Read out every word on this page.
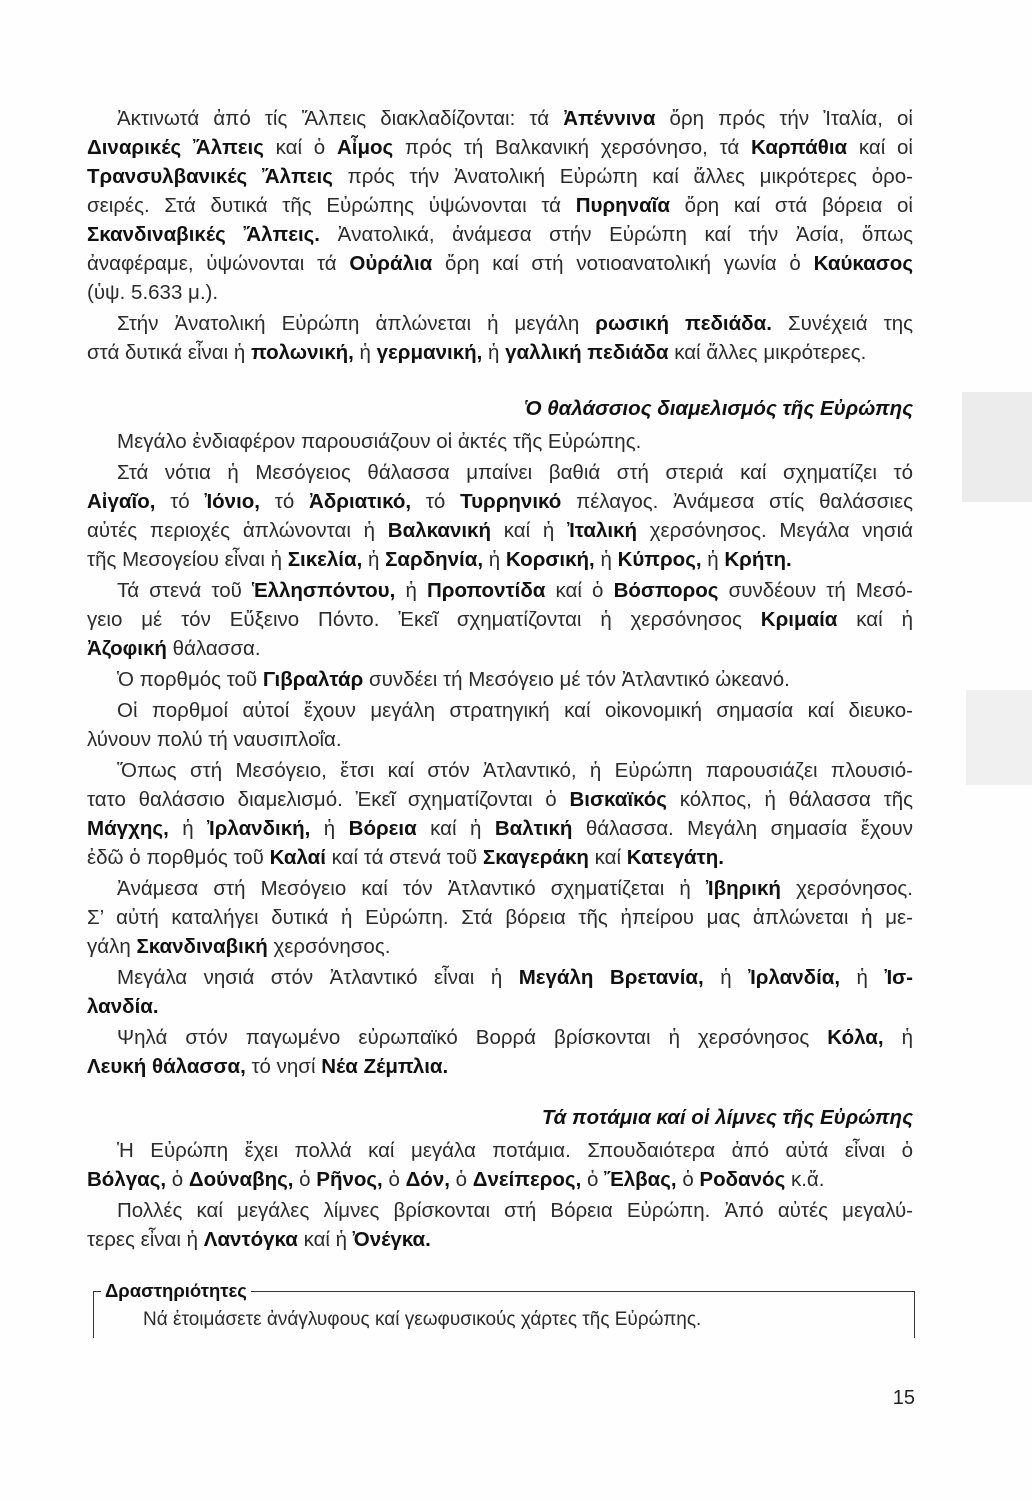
Ἀκτινωτά ἀπό τίς Ἄλπεις διακλαδίζονται: τά Ἀπέννινα ὄρη πρός τήν Ἰταλία, οἱ
Διναρικές Ἄλπεις καί ὁ Αἶμος πρός τή Βαλκανική χερσόνησο, τά Καρπάθια καί οἱ
Τρανσυλβανικές Ἄλπεις πρός τήν Ἀνατολική Εὐρώπη καί ἄλλες μικρότερες ὀρο-
σειρές. Στά δυτικά τῆς Εὐρώπης ὑψώνονται τά Πυρηναῖα ὄρη καί στά βόρεια οἱ
Σκανδιναβικές Ἄλπεις. Ἀνατολικά, ἀνάμεσα στήν Εὐρώπη καί τήν Ἀσία, ὅπως
ἀναφέραμε, ὑψώνονται τά Οὐράλια ὄρη καί στή νοτιοανατολική γωνία ὁ Καύκασος
(ὑψ. 5.633 μ.).
Στήν Ἀνατολική Εὐρώπη ἁπλώνεται ἡ μεγάλη ρωσική πεδιάδα. Συνέχειά της
στά δυτικά εἶναι ἡ πολωνική, ἡ γερμανική, ἡ γαλλική πεδιάδα καί ἄλλες μικρότερες.
Ὁ θαλάσσιος διαμελισμός τῆς Εὐρώπης
Μεγάλο ἐνδιαφέρον παρουσιάζουν οἱ ἀκτές τῆς Εὐρώπης.
Στά νότια ἡ Μεσόγειος θάλασσα μπαίνει βαθιά στή στεριά καί σχηματίζει τό
Αἰγαῖο, τό Ἰόνιο, τό Ἀδριατικό, τό Τυρρηνικό πέλαγος. Ἀνάμεσα στίς θαλάσσιες
αὐτές περιοχές ἁπλώνονται ἡ Βαλκανική καί ἡ Ἰταλική χερσόνησος. Μεγάλα νησιά
τῆς Μεσογείου εἶναι ἡ Σικελία, ἡ Σαρδηνία, ἡ Κορσική, ἡ Κύπρος, ἡ Κρήτη.
Τά στενά τοῦ Ἑλλησπόντου, ἡ Προποντίδα καί ὁ Βόσπορος συνδέουν τή Μεσό-
γειο μέ τόν Εὔξεινο Πόντο. Ἐκεῖ σχηματίζονται ἡ χερσόνησος Κριμαία καί ἡ
Ἀζοφική θάλασσα.
Ὁ πορθμός τοῦ Γιβραλτάρ συνδέει τή Μεσόγειο μέ τόν Ἀτλαντικό ὠκεανό.
Οἱ πορθμοί αὐτοί ἔχουν μεγάλη στρατηγική καί οἰκονομική σημασία καί διευκο-
λύνουν πολύ τή ναυσιπλοΐα.
Ὅπως στή Μεσόγειο, ἔτσι καί στόν Ἀτλαντικό, ἡ Εὐρώπη παρουσιάζει πλουσιό-
τατο θαλάσσιο διαμελισμό. Ἐκεῖ σχηματίζονται ὁ Βισκαϊκός κόλπος, ἡ θάλασσα τῆς
Μάγχης, ἡ Ἰρλανδική, ἡ Βόρεια καί ἡ Βαλτική θάλασσα. Μεγάλη σημασία ἔχουν
ἐδῶ ὁ πορθμός τοῦ Καλαί καί τά στενά τοῦ Σκαγεράκη καί Κατεγάτη.
Ἀνάμεσα στή Μεσόγειο καί τόν Ἀτλαντικό σχηματίζεται ἡ Ἰβηρική χερσόνησος.
Σ’ αὐτή καταλήγει δυτικά ἡ Εὐρώπη. Στά βόρεια τῆς ἠπείρου μας ἁπλώνεται ἡ με-
γάλη Σκανδιναβική χερσόνησος.
Μεγάλα νησιά στόν Ἀτλαντικό εἶναι ἡ Μεγάλη Βρετανία, ἡ Ἰρλανδία, ἡ Ἰσ-
λανδία.
Ψηλά στόν παγωμένο εὐρωπαϊκό Βορρά βρίσκονται ἡ χερσόνησος Κόλα, ἡ
Λευκή θάλασσα, τό νησί Νέα Ζέμπλια.
Τά ποτάμια καί οἱ λίμνες τῆς Εὐρώπης
Ἡ Εὐρώπη ἔχει πολλά καί μεγάλα ποτάμια. Σπουδαιότερα ἀπό αὐτά εἶναι ὁ
Βόλγας, ὁ Δούναβης, ὁ Ρῆνος, ὁ Δόν, ὁ Δνείπερος, ὁ Ἔλβας, ὁ Ροδανός κ.ἄ.
Πολλές καί μεγάλες λίμνες βρίσκονται στή Βόρεια Εὐρώπη. Ἀπό αὐτές μεγαλύ-
τερες εἶναι ἡ Λαντόγκα καί ἡ Ὀνέγκα.
Δραστηριότητες
Νά ἑτοιμάσετε ἀνάγλυφους καί γεωφυσικούς χάρτες τῆς Εὐρώπης.
15
